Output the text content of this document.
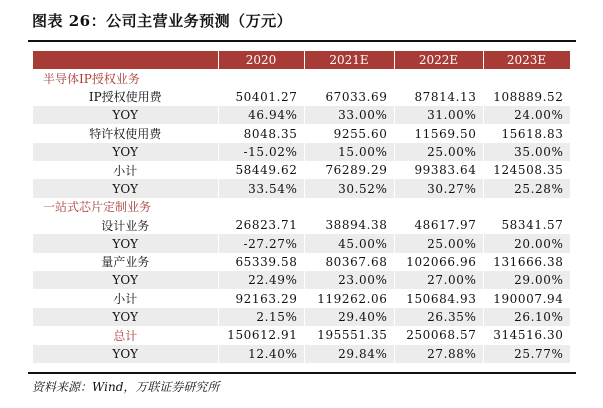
图表 26：公司主营业务预测（万元）
	2020	2021E	2022E	2023E
半导体IP授权业务				
IP授权使用费	50401.27	67033.69	87814.13	108889.52
YOY	46.94%	33.00%	31.00%	24.00%
特许权使用费	8048.35	9255.60	11569.50	15618.83
YOY	-15.02%	15.00%	25.00%	35.00%
小计	58449.62	76289.29	99383.64	124508.35
YOY	33.54%	30.52%	30.27%	25.28%
一站式芯片定制业务				
设计业务	26823.71	38894.38	48617.97	58341.57
YOY	-27.27%	45.00%	25.00%	20.00%
量产业务	65339.58	80367.68	102066.96	131666.38
YOY	22.49%	23.00%	27.00%	29.00%
小计	92163.29	119262.06	150684.93	190007.94
YOY	2.15%	29.40%	26.35%	26.10%
总计	150612.91	195551.35	250068.57	314516.30
YOY	12.40%	29.84%	27.88%	25.77%
资料来源：Wind，万联证券研究所
